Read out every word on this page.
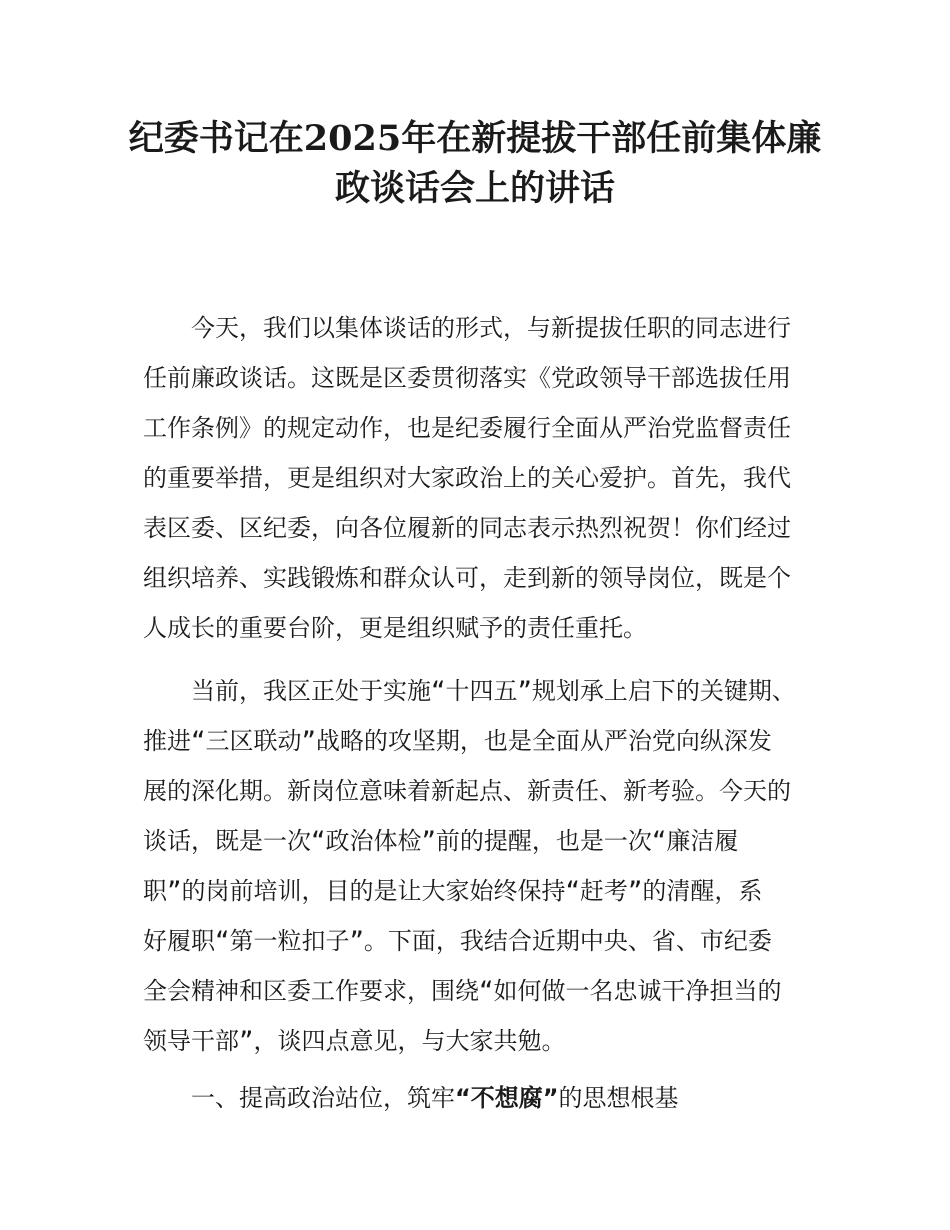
纪委书记在2025年在新提拔干部任前集体廉
政谈话会上的讲话
今天，我们以集体谈话的形式，与新提拔任职的同志进行
任前廉政谈话。这既是区委贯彻落实《党政领导干部选拔任用
工作条例》的规定动作，也是纪委履行全面从严治党监督责任
的重要举措，更是组织对大家政治上的关心爱护。首先，我代
表区委、区纪委，向各位履新的同志表示热烈祝贺！你们经过
组织培养、实践锻炼和群众认可，走到新的领导岗位，既是个
人成长的重要台阶，更是组织赋予的责任重托。
当前，我区正处于实施“十四五”规划承上启下的关键期、
推进“三区联动”战略的攻坚期，也是全面从严治党向纵深发
展的深化期。新岗位意味着新起点、新责任、新考验。今天的
谈话，既是一次“政治体检”前的提醒，也是一次“廉洁履
职”的岗前培训，目的是让大家始终保持“赶考”的清醒，系
好履职“第一粒扣子”。下面，我结合近期中央、省、市纪委
全会精神和区委工作要求，围绕“如何做一名忠诚干净担当的
领导干部”，谈四点意见，与大家共勉。
一、提高政治站位，筑牢“不想腐”的思想根基
